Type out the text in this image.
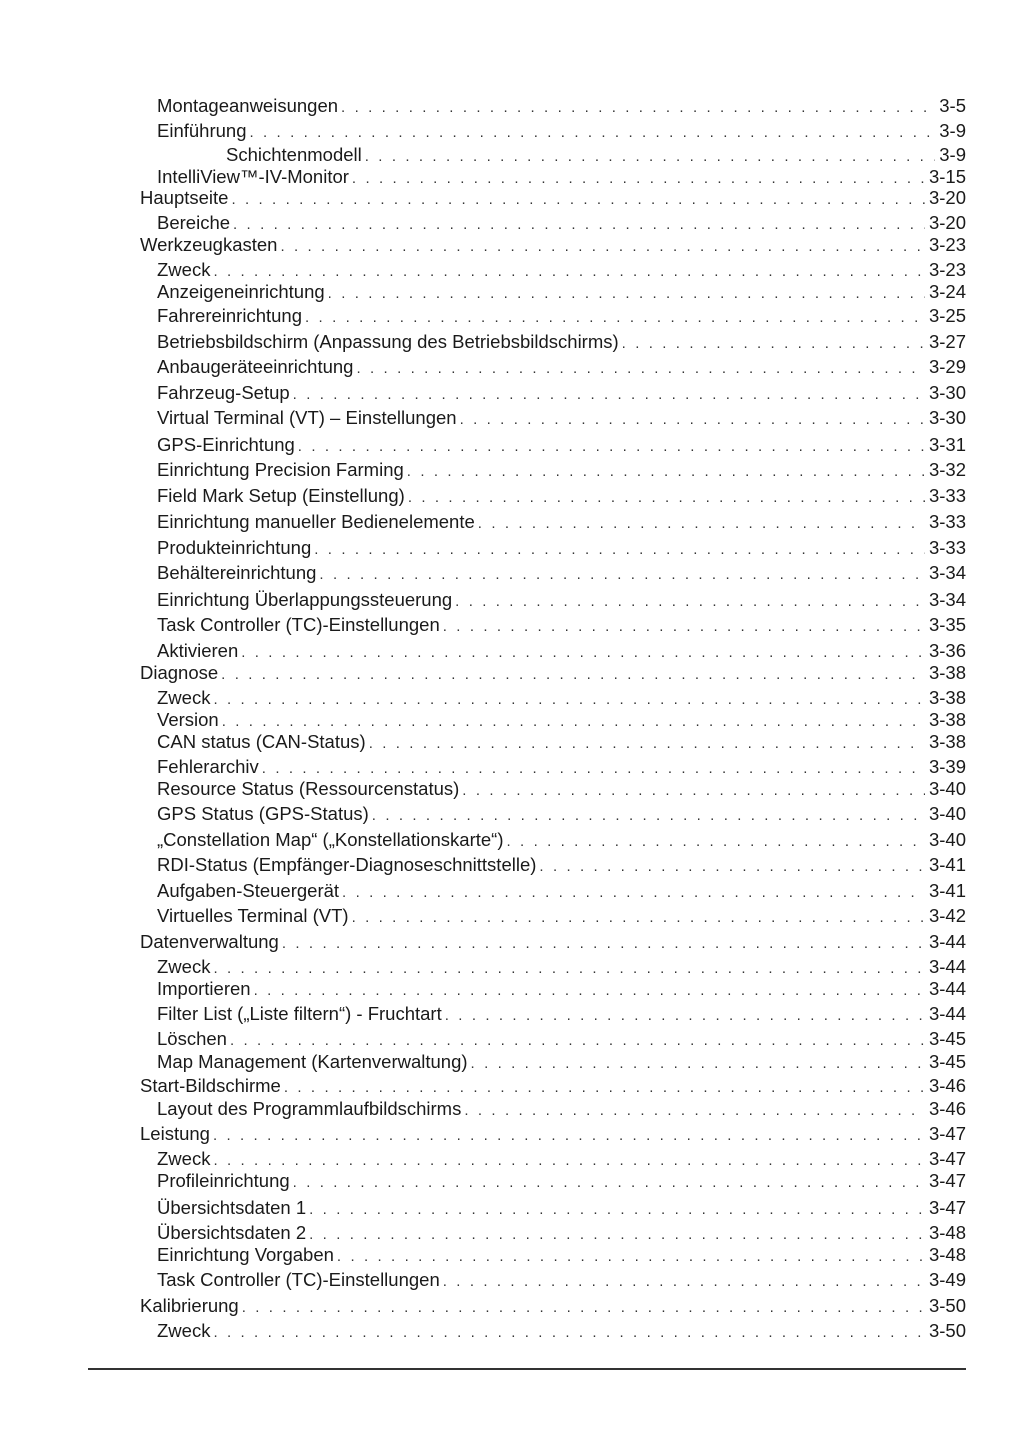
Montageanweisungen . . .	3-5
Einführung . . .	3-9
Schichtenmodell . . .	3-9
IntelliView™-IV-Monitor . . .	3-15
Hauptseite . . .	3-20
Bereiche . . .	3-20
Werkzeugkasten . . .	3-23
Zweck . . .	3-23
Anzeigeneinrichtung . . .	3-24
Fahrereinrichtung . . .	3-25
Betriebsbildschirm (Anpassung des Betriebsbildschirms) . . .	3-27
Anbaugeräteeinrichtung . . .	3-29
Fahrzeug-Setup . . .	3-30
Virtual Terminal (VT) – Einstellungen . . .	3-30
GPS-Einrichtung . . .	3-31
Einrichtung Precision Farming . . .	3-32
Field Mark Setup (Einstellung) . . .	3-33
Einrichtung manueller Bedienelemente . . .	3-33
Produkteinrichtung . . .	3-33
Behältereinrichtung . . .	3-34
Einrichtung Überlappungssteuerung . . .	3-34
Task Controller (TC)-Einstellungen . . .	3-35
Aktivieren . . .	3-36
Diagnose . . .	3-38
Zweck . . .	3-38
Version . . .	3-38
CAN status (CAN-Status) . . .	3-38
Fehlerarchiv . . .	3-39
Resource Status (Ressourcenstatus) . . .	3-40
GPS Status (GPS-Status) . . .	3-40
„Constellation Map“ („Konstellationskarte“) . . .	3-40
RDI-Status (Empfänger-Diagnoseschnittstelle) . . .	3-41
Aufgaben-Steuergerät . . .	3-41
Virtuelles Terminal (VT) . . .	3-42
Datenverwaltung . . .	3-44
Zweck . . .	3-44
Importieren . . .	3-44
Filter List („Liste filtern“) - Fruchtart . . .	3-44
Löschen . . .	3-45
Map Management (Kartenverwaltung) . . .	3-45
Start-Bildschirme . . .	3-46
Layout des Programmlaufbildschirms . . .	3-46
Leistung . . .	3-47
Zweck . . .	3-47
Profileinrichtung . . .	3-47
Übersichtsdaten 1 . . .	3-47
Übersichtsdaten 2 . . .	3-48
Einrichtung Vorgaben . . .	3-48
Task Controller (TC)-Einstellungen . . .	3-49
Kalibrierung . . .	3-50
Zweck . . .	3-50
